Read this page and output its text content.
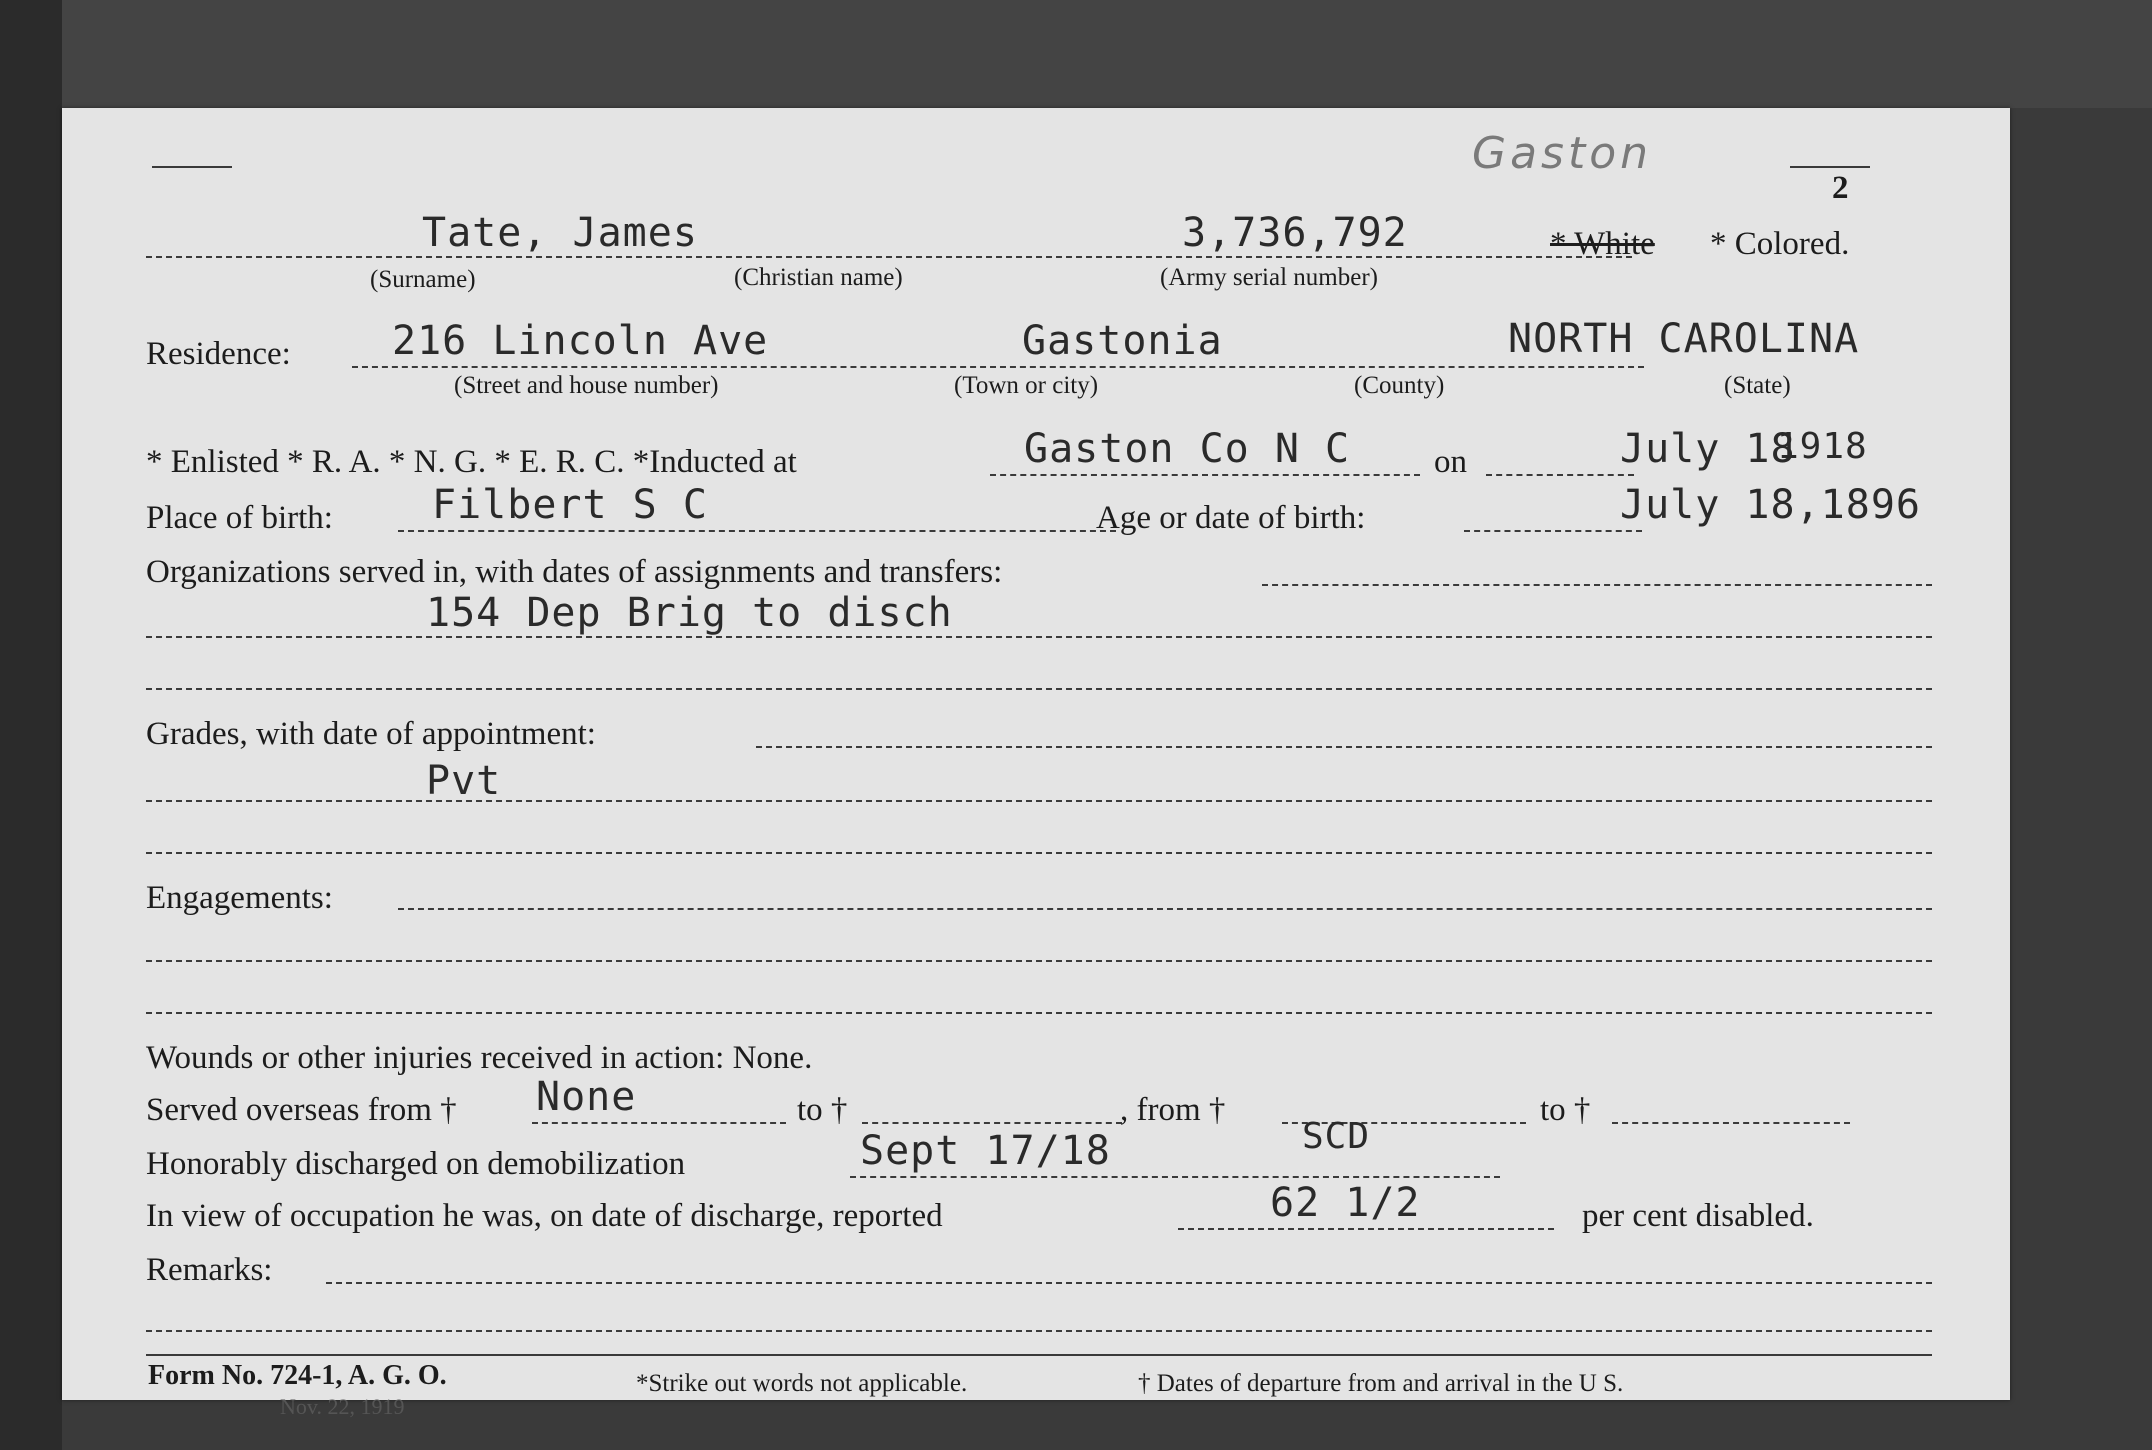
Gaston
2
Tate, James	3,736,792	* White * Colored.
(Surname)	(Christian name)	(Army serial number)
Residence:	216 Lincoln Ave	Gastonia	NORTH CAROLINA
(Street and house number)	(Town or city)	(County)	(State)
* Enlisted * R. A. * N. G. * E. R. C. *Inducted at	Gaston Co N C	on	July 18
1918
Place of birth: Filbert S C	Age or date of birth:	July 18,1896
Organizations served in, with dates of assignments and transfers:
154 Dep Brig to disch
Grades, with date of appointment:
Pvt
Engagements:
Wounds or other injuries received in action: None.
Served overseas from † None	to †	, from †	to †
Honorably discharged on demobilization	Sept 17/18	SCD
In view of occupation he was, on date of discharge, reported	62 1/2	per cent disabled.
Remarks:
Form No. 724-1, A. G. O.
Nov. 22, 1919
*Strike out words not applicable.	† Dates of departure from and arrival in the U S.
